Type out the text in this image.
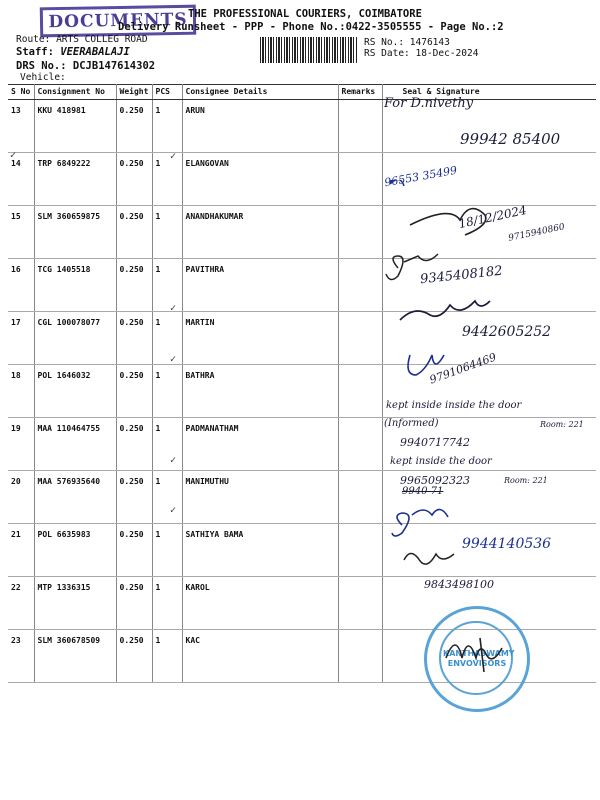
DOCUMENTS THE PROFESSIONAL COURIERS, COIMBATORE
Delivery Runsheet - PPP - Phone No.:0422-3505555 - Page No.:2
Route: ARTS COLLEG ROAD
Staff: VEERABALAJI
DRS No.: DCJB147614302
Vehicle:
RS No.: 1476143
RS Date: 18-Dec-2024
S No	Consignment No	Weight	PCS	Consignee Details	Remarks	Seal & Signature
13	KKU 418981	0.250	1	ARUN		
14	TRP 6849222	0.250	1	ELANGOVAN		
15	SLM 360659875	0.250	1	ANANDHAKUMAR		
16	TCG 1405518	0.250	1	PAVITHRA		
17	CGL 100078077	0.250	1	MARTIN		
18	POL 1646032	0.250	1	BATHRA		
19	MAA 110464755	0.250	1	PADMANATHAM		
20	MAA 576935640	0.250	1	MANIMUTHU		
21	POL 6635983	0.250	1	SATHIYA BAMA		
22	MTP 1336315	0.250	1	KAROL		
23	SLM 360678509	0.250	1	KAC		
✓	✓
✓
✓
✓
✓
For D.nivethy
99942 85400
96553 35499
18/12/2024
9715940860
9345408182
9442605252
9791064469
kept inside inside the door
(Informed)	Room: 221
9940717742
kept inside the door
9965092323	Room: 221
9940 71
9944140536
9843498100
KANTHASWAMY ENVOVISORS
